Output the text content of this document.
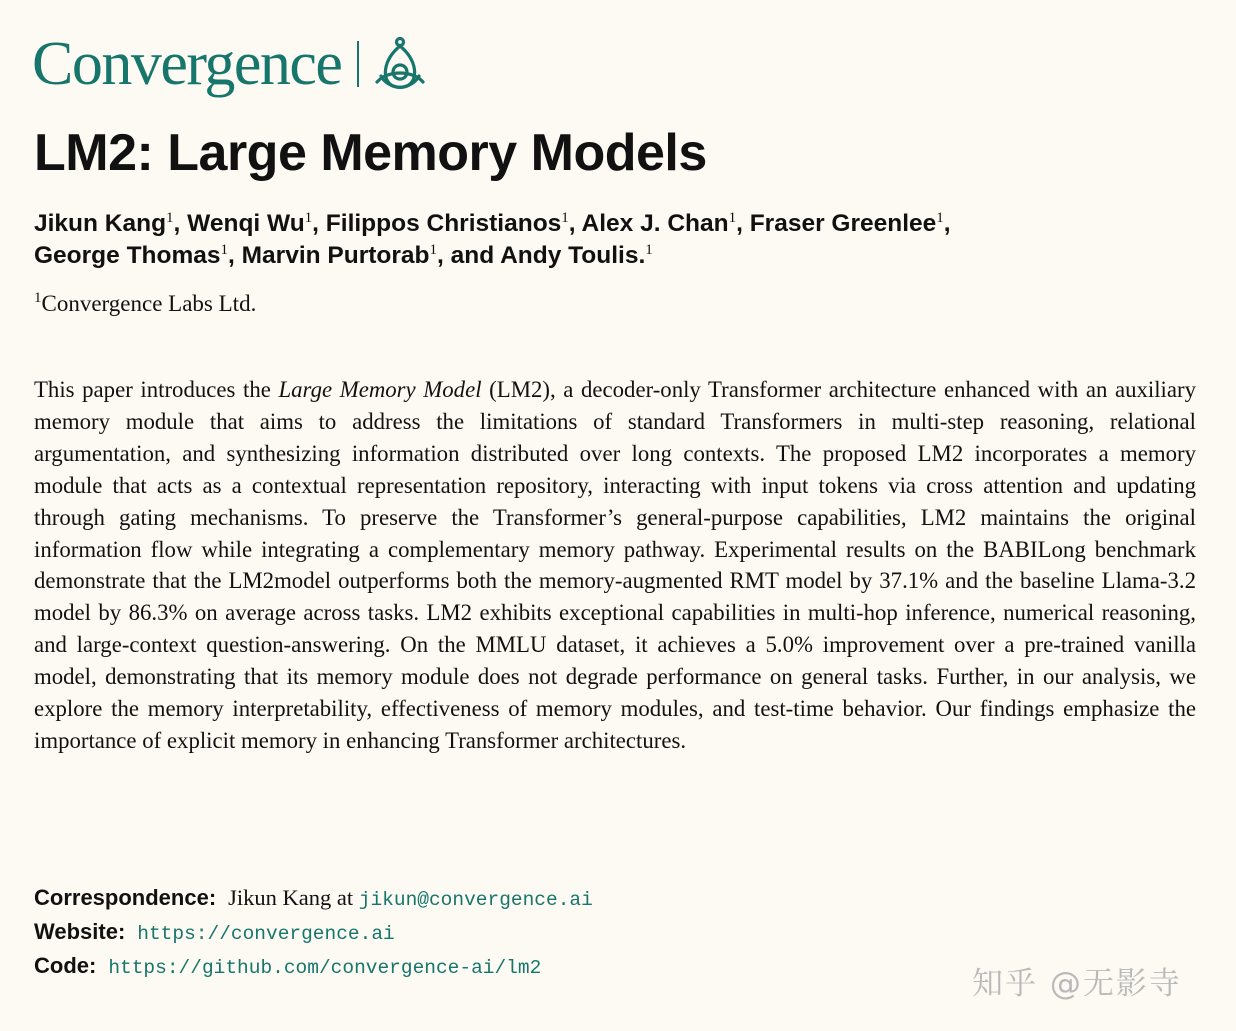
Convergence
LM2: Large Memory Models
Jikun Kang$^1$, Wenqi Wu$^1$, Filippos Christianos$^1$, Alex J. Chan$^1$, Fraser Greenlee$^1$,
George Thomas$^1$, Marvin Purtorab$^1$, and Andy Toulis.$^1$
$^1$Convergence Labs Ltd.

This paper introduces the Large Memory Model (LM2), a decoder-only Transformer architecture enhanced with an auxiliary memory module that aims to address the limitations of standard Transformers in multi-step reasoning, relational argumentation, and synthesizing information distributed over long contexts. The proposed LM2 incorporates a memory module that acts as a contextual representation repository, interacting with input tokens via cross attention and updating through gating mechanisms. To preserve the Transformer’s general-purpose capabilities, LM2 maintains the original information flow while integrating a complementary memory pathway. Experimental results on the BABILong benchmark demonstrate that the LM2model outperforms both the memory-augmented RMT model by 37.1% and the baseline Llama-3.2 model by 86.3% on average across tasks. LM2 exhibits exceptional capabilities in multi-hop inference, numerical reasoning, and large-context question-answering. On the MMLU dataset, it achieves a 5.0% improvement over a pre-trained vanilla model, demonstrating that its memory module does not degrade performance on general tasks. Further, in our analysis, we explore the memory interpretability, effectiveness of memory modules, and test-time behavior. Our findings emphasize the importance of explicit memory in enhancing Transformer architectures.

Correspondence: Jikun Kang at jikun@convergence.ai
Website: https://convergence.ai
Code: https://github.com/convergence-ai/lm2	知乎 @无影寺
